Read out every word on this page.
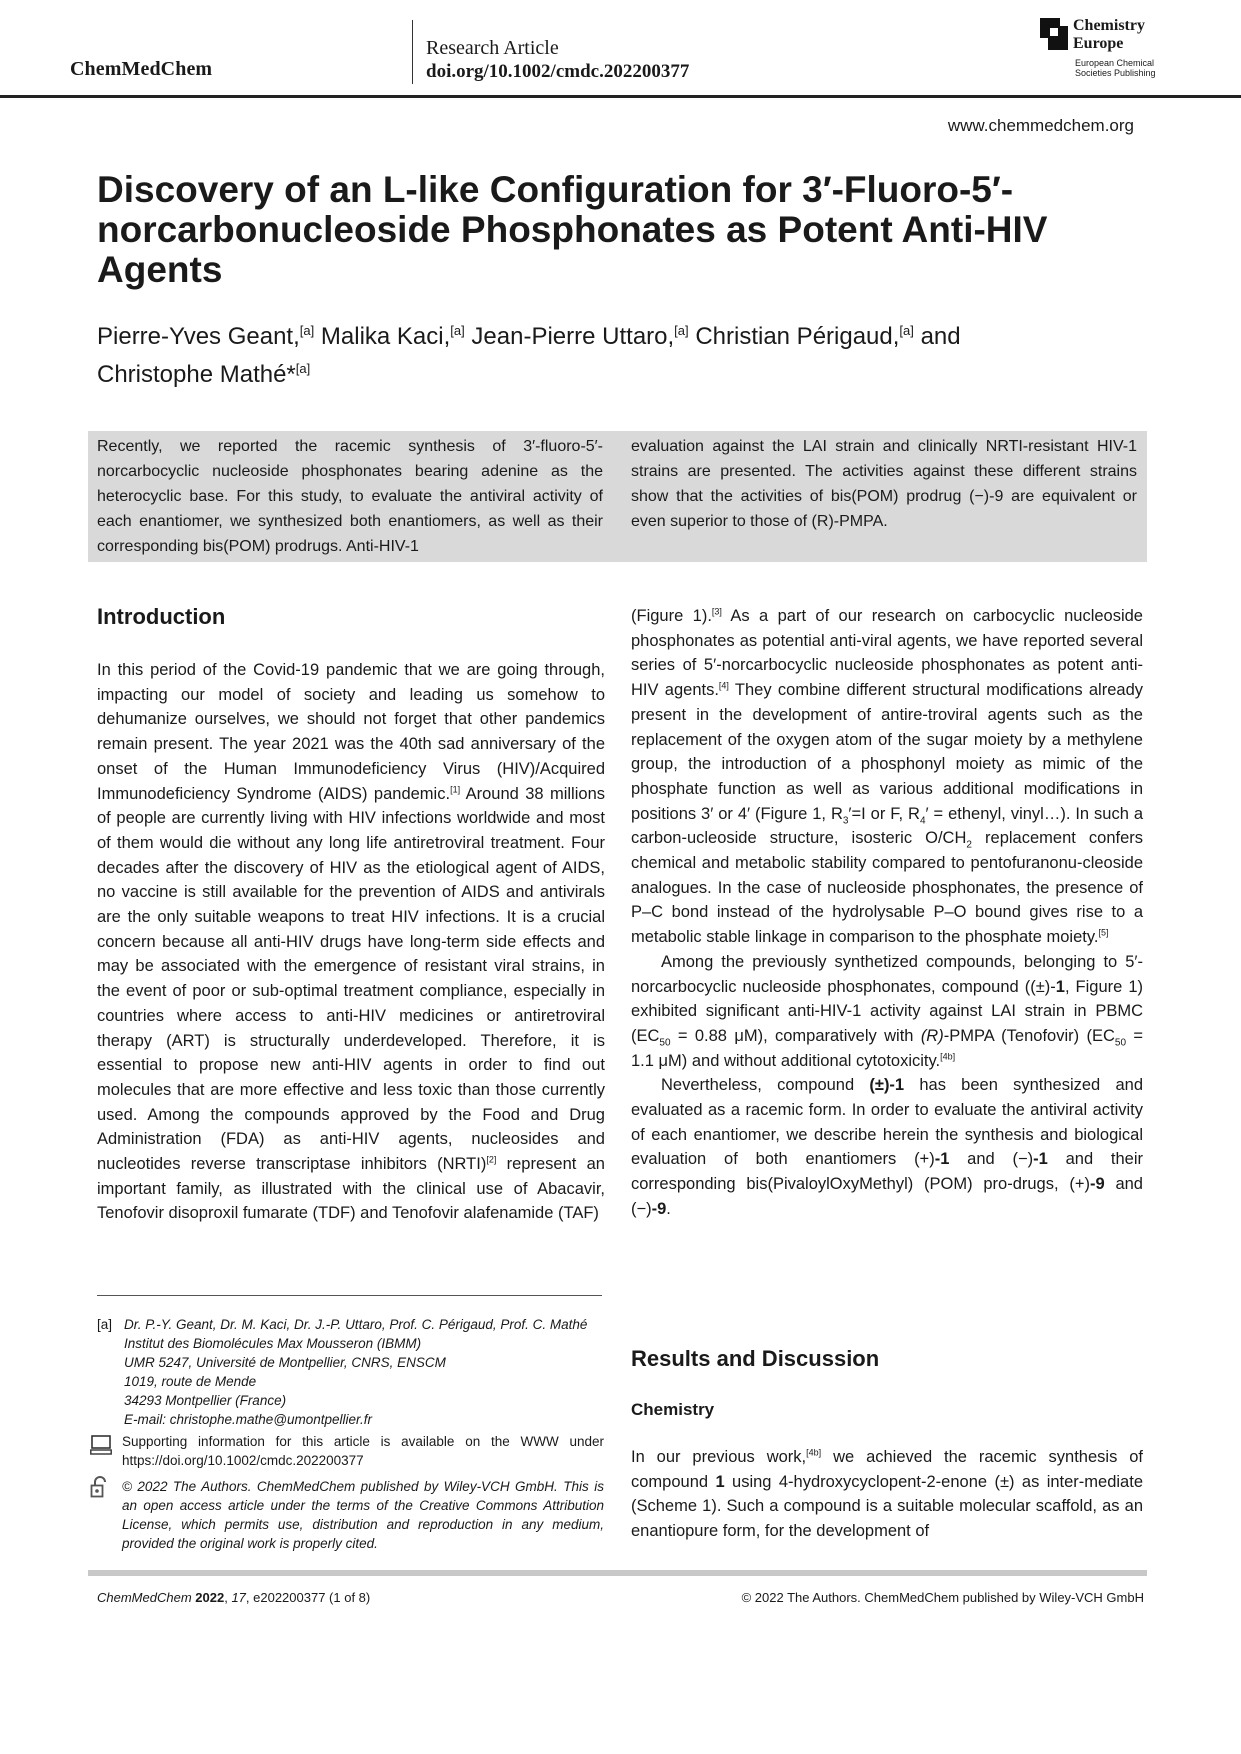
ChemMedChem
Research Article
doi.org/10.1002/cmdc.202200377
Chemistry
Europe
European Chemical
Societies Publishing
www.chemmedchem.org
Discovery of an L-like Configuration for 3′-Fluoro-5′-norcarbonucleoside Phosphonates as Potent Anti-HIV Agents
Pierre-Yves Geant,[a] Malika Kaci,[a] Jean-Pierre Uttaro,[a] Christian Périgaud,[a] and Christophe Mathé*[a]
Recently, we reported the racemic synthesis of 3′-fluoro-5′-norcarbocyclic nucleoside phosphonates bearing adenine as the heterocyclic base. For this study, to evaluate the antiviral activity of each enantiomer, we synthesized both enantiomers, as well as their corresponding bis(POM) prodrugs. Anti-HIV-1
evaluation against the LAI strain and clinically NRTI-resistant HIV-1 strains are presented. The activities against these different strains show that the activities of bis(POM) prodrug (−)-9 are equivalent or even superior to those of (R)-PMPA.
Introduction

In this period of the Covid-19 pandemic that we are going through, impacting our model of society and leading us somehow to dehumanize ourselves, we should not forget that other pandemics remain present. The year 2021 was the 40th sad anniversary of the onset of the Human Immunodeficiency Virus (HIV)/Acquired Immunodeficiency Syndrome (AIDS) pandemic.[1] Around 38 millions of people are currently living with HIV infections worldwide and most of them would die without any long life antiretroviral treatment. Four decades after the discovery of HIV as the etiological agent of AIDS, no vaccine is still available for the prevention of AIDS and antivirals are the only suitable weapons to treat HIV infections. It is a crucial concern because all anti-HIV drugs have long-term side effects and may be associated with the emergence of resistant viral strains, in the event of poor or sub-optimal treatment compliance, especially in countries where access to anti-HIV medicines or antiretroviral therapy (ART) is structurally underdeveloped. Therefore, it is essential to propose new anti-HIV agents in order to find out molecules that are more effective and less toxic than those currently used. Among the compounds approved by the Food and Drug Administration (FDA) as anti-HIV agents, nucleosides and nucleotides reverse transcriptase inhibitors (NRTI)[2] represent an important family, as illustrated with the clinical use of Abacavir, Tenofovir disoproxil fumarate (TDF) and Tenofovir alafenamide (TAF)

[a] Dr. P.-Y. Geant, Dr. M. Kaci, Dr. J.-P. Uttaro, Prof. C. Périgaud, Prof. C. Mathé
Institut des Biomolécules Max Mousseron (IBMM)
UMR 5247, Université de Montpellier, CNRS, ENSCM
1019, route de Mende
34293 Montpellier (France)
E-mail: christophe.mathe@umontpellier.fr
Supporting information for this article is available on the WWW under https://doi.org/10.1002/cmdc.202200377
© 2022 The Authors. ChemMedChem published by Wiley-VCH GmbH. This is an open access article under the terms of the Creative Commons Attribution License, which permits use, distribution and reproduction in any medium, provided the original work is properly cited.

(Figure 1).[3] As a part of our research on carbocyclic nucleoside phosphonates as potential anti-viral agents, we have reported several series of 5′-norcarbocyclic nucleoside phosphonates as potent anti-HIV agents.[4] They combine different structural modifications already present in the development of antire-troviral agents such as the replacement of the oxygen atom of the sugar moiety by a methylene group, the introduction of a phosphonyl moiety as mimic of the phosphate function as well as various additional modifications in positions 3′ or 4′ (Figure 1, $R_3'=I$ or F, $R_4'$ = ethenyl, vinyl…). In such a carbon-ucleoside structure, isosteric $O/CH_2$ replacement confers chemical and metabolic stability compared to pentofuranonu-cleoside analogues. In the case of nucleoside phosphonates, the presence of P–C bond instead of the hydrolysable P–O bound gives rise to a metabolic stable linkage in comparison to the phosphate moiety.[5]

Among the previously synthetized compounds, belonging to 5′-norcarbocyclic nucleoside phosphonates, compound ((±)-1, Figure 1) exhibited significant anti-HIV-1 activity against LAI strain in PBMC ($EC_{50} = 0.88$ μM), comparatively with (R)-PMPA (Tenofovir) ($EC_{50} = 1.1$ μM) and without additional cytotoxicity.[4b]

Nevertheless, compound (±)-1 has been synthesized and evaluated as a racemic form. In order to evaluate the antiviral activity of each enantiomer, we describe herein the synthesis and biological evaluation of both enantiomers (+)-1 and (−)-1 and their corresponding bis(PivaloylOxyMethyl) (POM) pro-drugs, (+)-9 and (−)-9.

Results and Discussion
Chemistry

In our previous work,[4b] we achieved the racemic synthesis of compound 1 using 4-hydroxycyclopent-2-enone (±) as inter-mediate (Scheme 1). Such a compound is a suitable molecular scaffold, as an enantiopure form, for the development of

ChemMedChem 2022, 17, e202200377 (1 of 8)	© 2022 The Authors. ChemMedChem published by Wiley-VCH GmbH
